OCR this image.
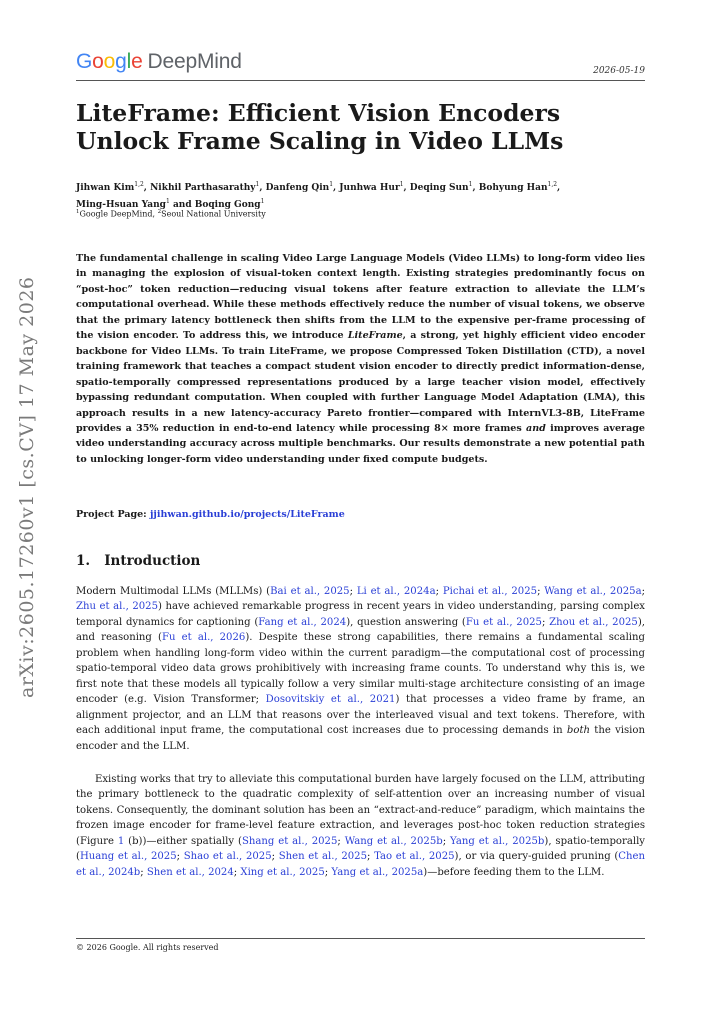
arXiv:2605.17260v1 [cs.CV] 17 May 2026
Google DeepMind	2026-05-19
LiteFrame: Efficient Vision Encoders Unlock Frame Scaling in Video LLMs
Jihwan Kim$^{1,2}$, Nikhil Parthasarathy$^1$, Danfeng Qin$^1$, Junhwa Hur$^1$, Deqing Sun$^1$, Bohyung Han$^{1,2}$,
Ming-Hsuan Yang$^1$ and Boqing Gong$^1$
$^1$Google DeepMind, $^2$Seoul National University

The fundamental challenge in scaling Video Large Language Models (Video LLMs) to long-form video lies in managing the explosion of visual-token context length. Existing strategies predominantly focus on “post-hoc” token reduction—reducing visual tokens after feature extraction to alleviate the LLM’s computational overhead. While these methods effectively reduce the number of visual tokens, we observe that the primary latency bottleneck then shifts from the LLM to the expensive per-frame processing of the vision encoder. To address this, we introduce LiteFrame, a strong, yet highly efficient video encoder backbone for Video LLMs. To train LiteFrame, we propose Compressed Token Distillation (CTD), a novel training framework that teaches a compact student vision encoder to directly predict information-dense, spatio-temporally compressed representations produced by a large teacher vision model, effectively bypassing redundant computation. When coupled with further Language Model Adaptation (LMA), this approach results in a new latency-accuracy Pareto frontier—compared with InternVL3-8B, LiteFrame provides a 35% reduction in end-to-end latency while processing 8× more frames and improves average video understanding accuracy across multiple benchmarks. Our results demonstrate a new potential path to unlocking longer-form video understanding under fixed compute budgets.

Project Page: jjihwan.github.io/projects/LiteFrame
1. Introduction

Modern Multimodal LLMs (MLLMs) (Bai et al., 2025; Li et al., 2024a; Pichai et al., 2025; Wang et al., 2025a; Zhu et al., 2025) have achieved remarkable progress in recent years in video understanding, parsing complex temporal dynamics for captioning (Fang et al., 2024), question answering (Fu et al., 2025; Zhou et al., 2025), and reasoning (Fu et al., 2026). Despite these strong capabilities, there remains a fundamental scaling problem when handling long-form video within the current paradigm—the computational cost of processing spatio-temporal video data grows prohibitively with increasing frame counts. To understand why this is, we first note that these models all typically follow a very similar multi-stage architecture consisting of an image encoder (e.g. Vision Transformer; Dosovitskiy et al., 2021) that processes a video frame by frame, an alignment projector, and an LLM that reasons over the interleaved visual and text tokens. Therefore, with each additional input frame, the computational cost increases due to processing demands in both the vision encoder and the LLM.

Existing works that try to alleviate this computational burden have largely focused on the LLM, attributing the primary bottleneck to the quadratic complexity of self-attention over an increasing number of visual tokens. Consequently, the dominant solution has been an “extract-and-reduce” paradigm, which maintains the frozen image encoder for frame-level feature extraction, and leverages post-hoc token reduction strategies (Figure 1 (b))—either spatially (Shang et al., 2025; Wang et al., 2025b; Yang et al., 2025b), spatio-temporally (Huang et al., 2025; Shao et al., 2025; Shen et al., 2025; Tao et al., 2025), or via query-guided pruning (Chen et al., 2024b; Shen et al., 2024; Xing et al., 2025; Yang et al., 2025a)—before feeding them to the LLM.

© 2026 Google. All rights reserved
